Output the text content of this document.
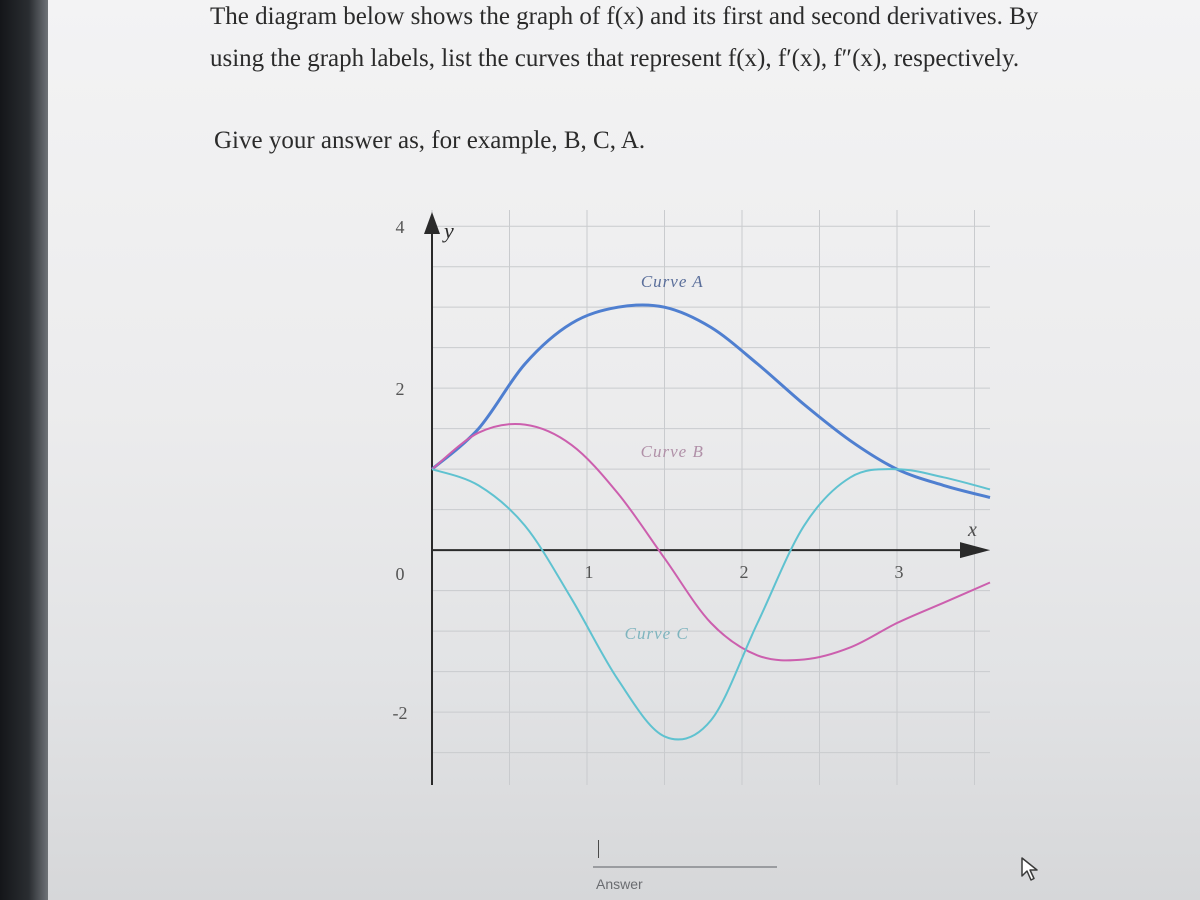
The diagram below shows the graph of f(x) and its first and second derivatives. By

using the graph labels, list the curves that represent f(x), f′(x), f″(x), respectively.

Give your answer as, for example, B, C, A.
y
x
4
2
0
-2
1	2	3
Curve A
Curve B
Curve C
Answer
